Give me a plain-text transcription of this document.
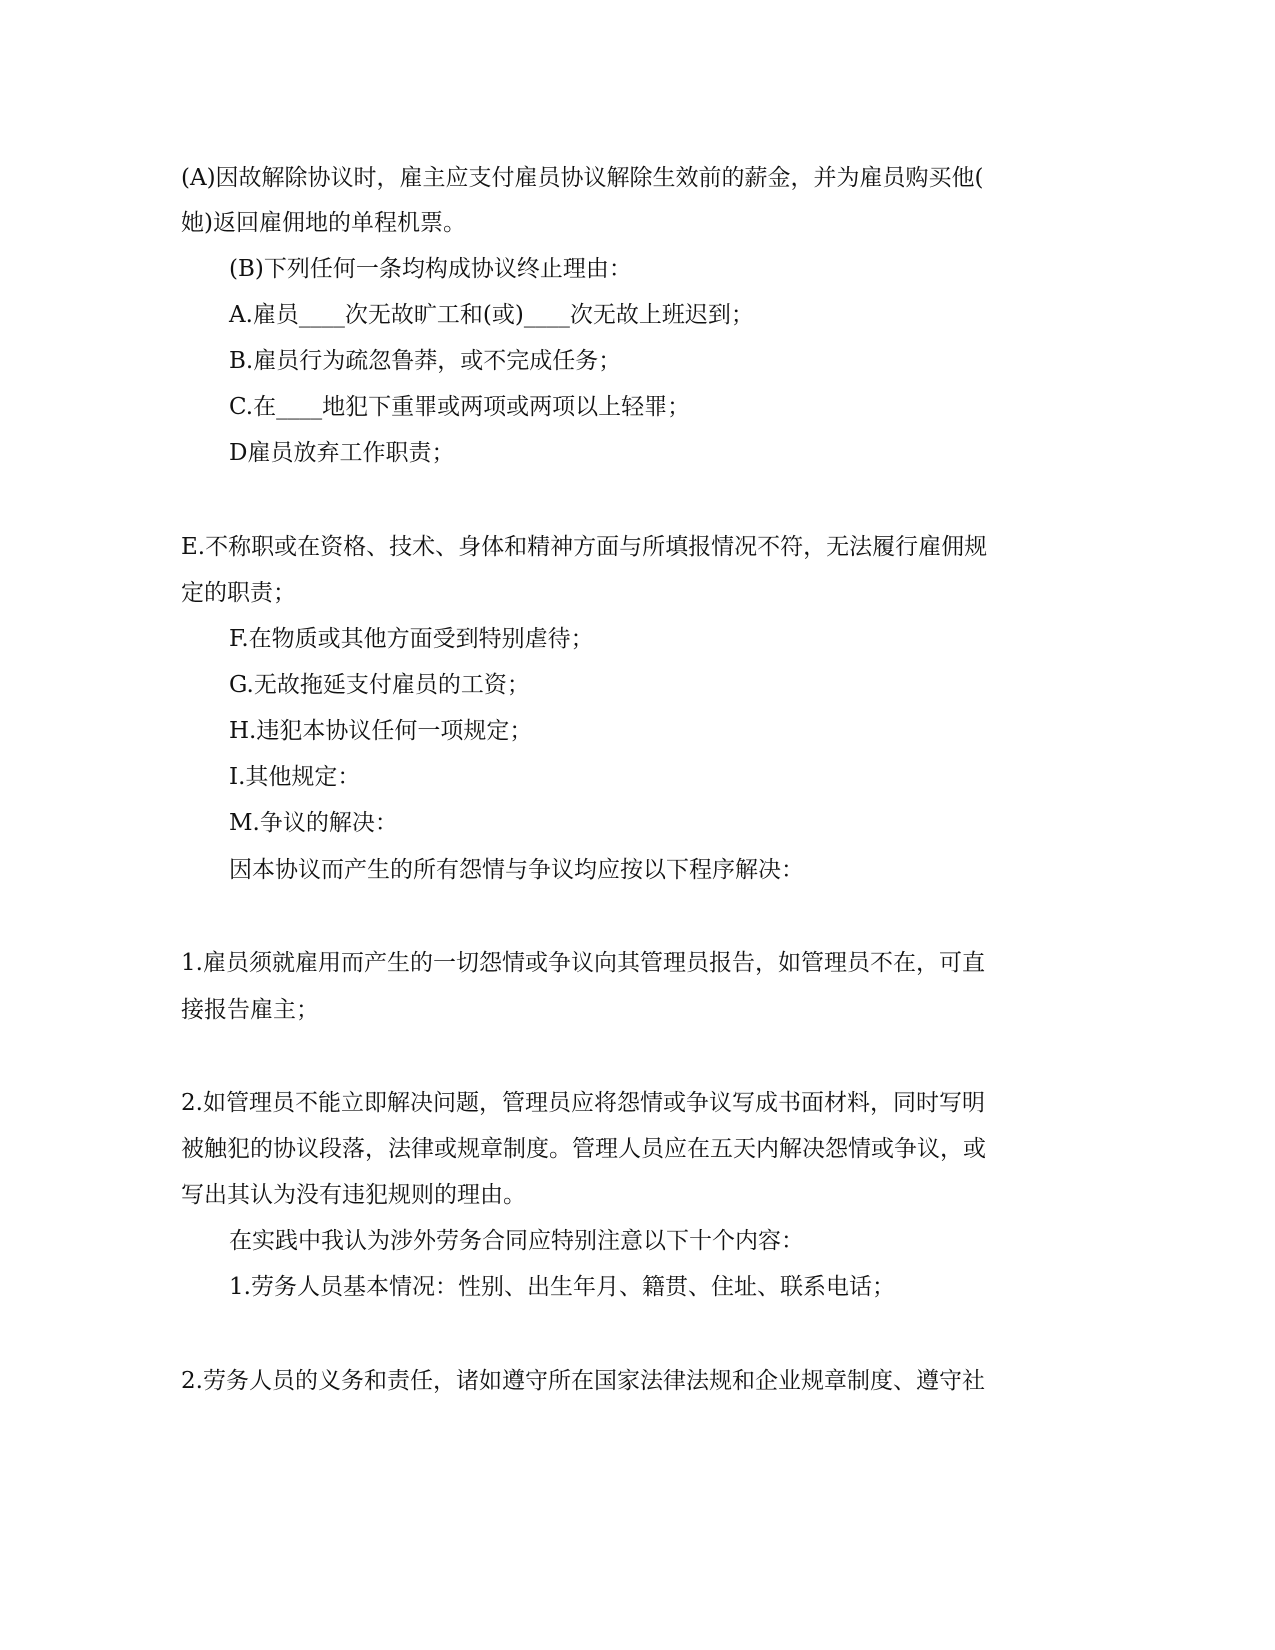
(A)因故解除协议时，雇主应支付雇员协议解除生效前的薪金，并为雇员购买他(
她)返回雇佣地的单程机票。
(B)下列任何一条均构成协议终止理由：
A.雇员____次无故旷工和(或)____次无故上班迟到；
B.雇员行为疏忽鲁莽，或不完成任务；
C.在____地犯下重罪或两项或两项以上轻罪；
D雇员放弃工作职责；
E.不称职或在资格、技术、身体和精神方面与所填报情况不符，无法履行雇佣规
定的职责；
F.在物质或其他方面受到特别虐待；
G.无故拖延支付雇员的工资；
H.违犯本协议任何一项规定；
I.其他规定：
M.争议的解决：
因本协议而产生的所有怨情与争议均应按以下程序解决：
1.雇员须就雇用而产生的一切怨情或争议向其管理员报告，如管理员不在，可直
接报告雇主；
2.如管理员不能立即解决问题，管理员应将怨情或争议写成书面材料，同时写明
被触犯的协议段落，法律或规章制度。管理人员应在五天内解决怨情或争议，或
写出其认为没有违犯规则的理由。
在实践中我认为涉外劳务合同应特别注意以下十个内容：
1.劳务人员基本情况：性别、出生年月、籍贯、住址、联系电话；
2.劳务人员的义务和责任，诸如遵守所在国家法律法规和企业规章制度、遵守社
